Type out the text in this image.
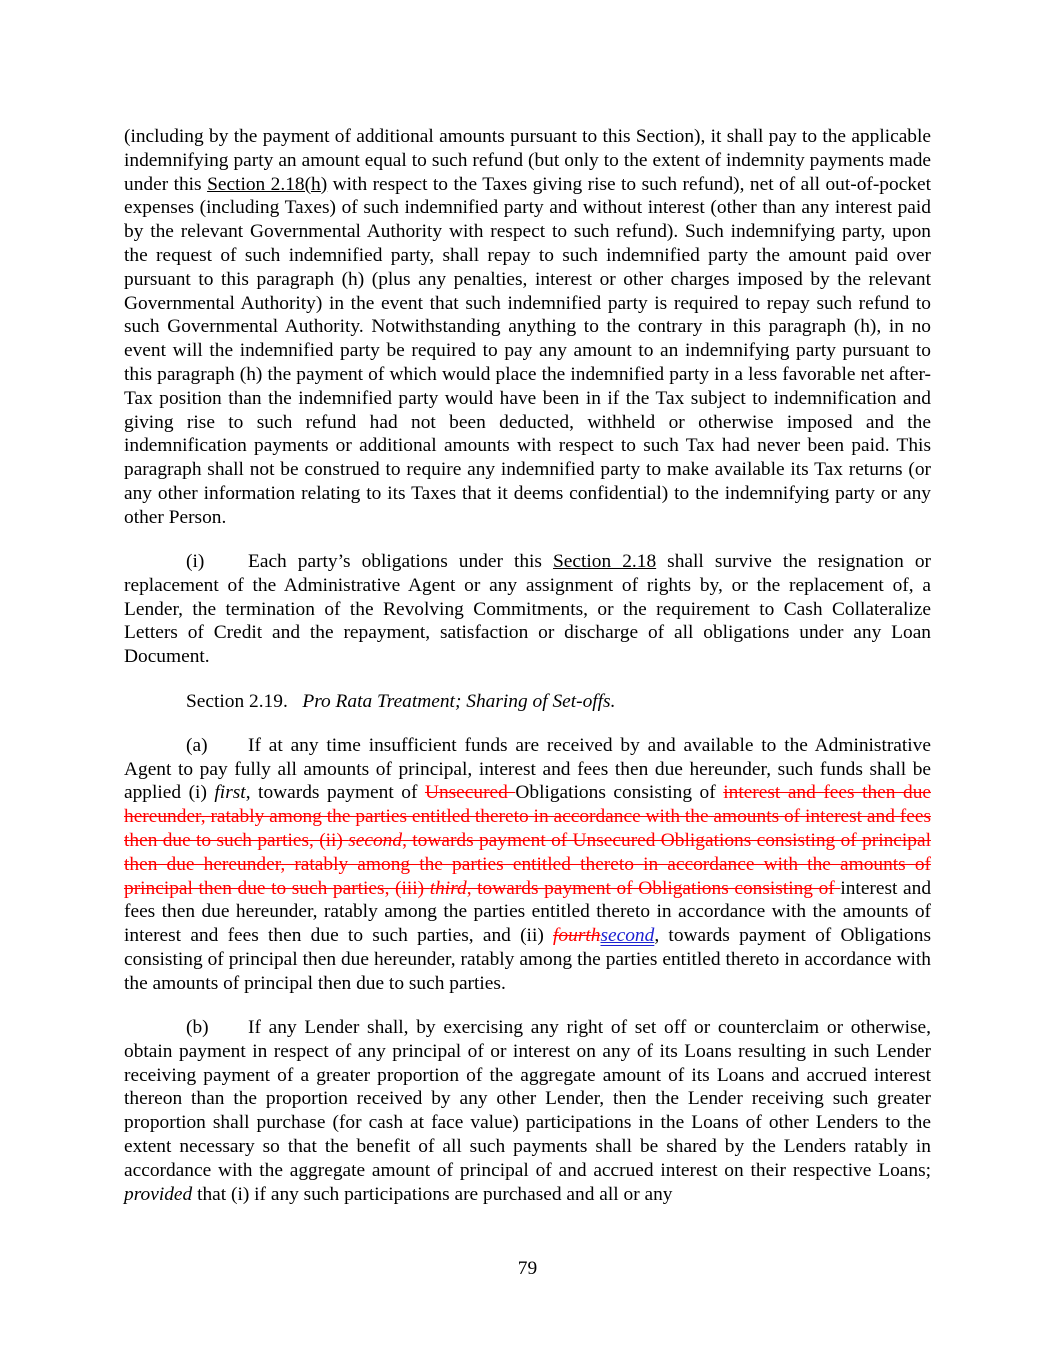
(including by the payment of additional amounts pursuant to this Section), it shall pay to the applicable indemnifying party an amount equal to such refund (but only to the extent of indemnity payments made under this Section 2.18(h) with respect to the Taxes giving rise to such refund), net of all out-of-pocket expenses (including Taxes) of such indemnified party and without interest (other than any interest paid by the relevant Governmental Authority with respect to such refund). Such indemnifying party, upon the request of such indemnified party, shall repay to such indemnified party the amount paid over pursuant to this paragraph (h) (plus any penalties, interest or other charges imposed by the relevant Governmental Authority) in the event that such indemnified party is required to repay such refund to such Governmental Authority. Notwithstanding anything to the contrary in this paragraph (h), in no event will the indemnified party be required to pay any amount to an indemnifying party pursuant to this paragraph (h) the payment of which would place the indemnified party in a less favorable net after-Tax position than the indemnified party would have been in if the Tax subject to indemnification and giving rise to such refund had not been deducted, withheld or otherwise imposed and the indemnification payments or additional amounts with respect to such Tax had never been paid. This paragraph shall not be construed to require any indemnified party to make available its Tax returns (or any other information relating to its Taxes that it deems confidential) to the indemnifying party or any other Person.

(i) Each party’s obligations under this Section 2.18 shall survive the resignation or replacement of the Administrative Agent or any assignment of rights by, or the replacement of, a Lender, the termination of the Revolving Commitments, or the requirement to Cash Collateralize Letters of Credit and the repayment, satisfaction or discharge of all obligations under any Loan Document.

Section 2.19. Pro Rata Treatment; Sharing of Set-offs.

(a) If at any time insufficient funds are received by and available to the Administrative Agent to pay fully all amounts of principal, interest and fees then due hereunder, such funds shall be applied (i) first, towards payment of Unsecured Obligations consisting of interest and fees then due hereunder, ratably among the parties entitled thereto in accordance with the amounts of interest and fees then due to such parties, (ii) second, towards payment of Unsecured Obligations consisting of principal then due hereunder, ratably among the parties entitled thereto in accordance with the amounts of principal then due to such parties, (iii) third, towards payment of Obligations consisting of interest and fees then due hereunder, ratably among the parties entitled thereto in accordance with the amounts of interest and fees then due to such parties, and (ii) fourthsecond, towards payment of Obligations consisting of principal then due hereunder, ratably among the parties entitled thereto in accordance with the amounts of principal then due to such parties.

(b) If any Lender shall, by exercising any right of set off or counterclaim or otherwise, obtain payment in respect of any principal of or interest on any of its Loans resulting in such Lender receiving payment of a greater proportion of the aggregate amount of its Loans and accrued interest thereon than the proportion received by any other Lender, then the Lender receiving such greater proportion shall purchase (for cash at face value) participations in the Loans of other Lenders to the extent necessary so that the benefit of all such payments shall be shared by the Lenders ratably in accordance with the aggregate amount of principal of and accrued interest on their respective Loans; provided that (i) if any such participations are purchased and all or any

79
